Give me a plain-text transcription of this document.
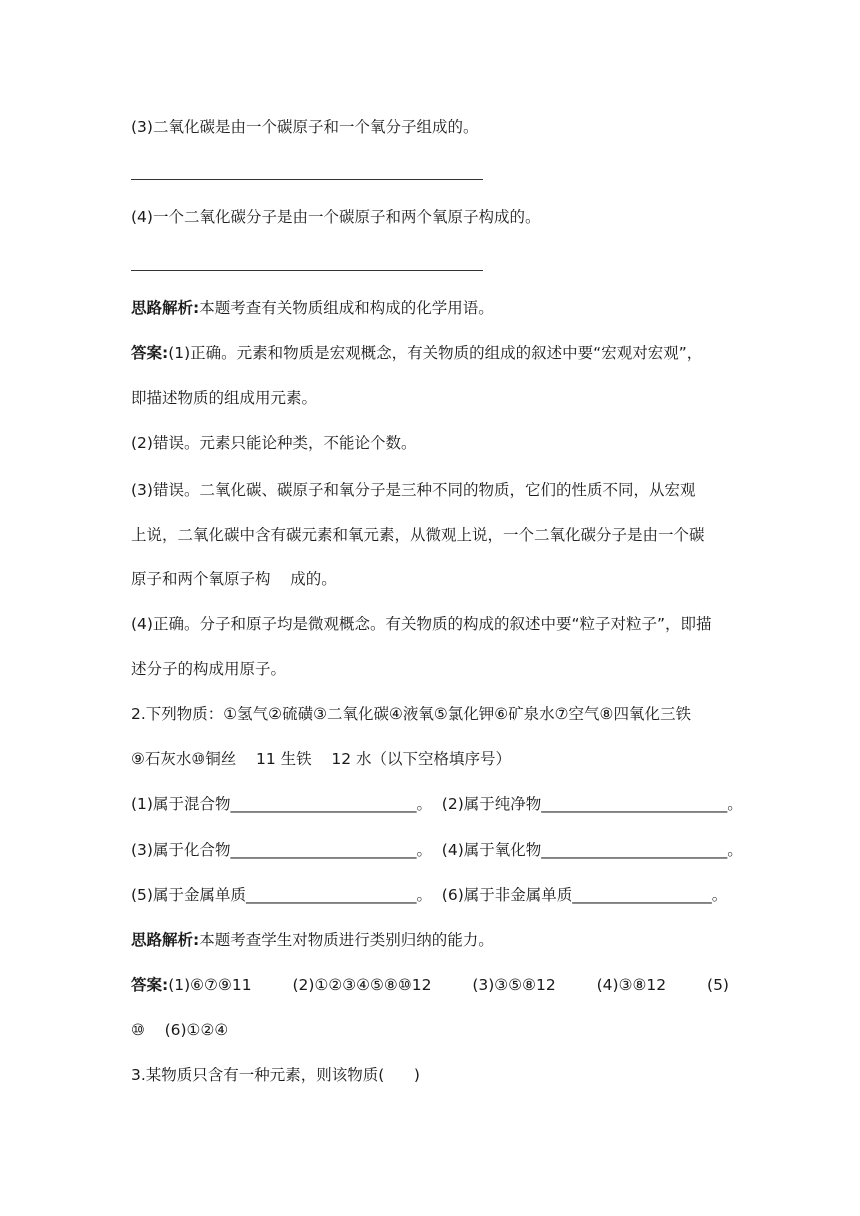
(3)二氧化碳是由一个碳原子和一个氧分子组成的。
(4)一个二氧化碳分子是由一个碳原子和两个氧原子构成的。
思路解析:本题考查有关物质组成和构成的化学用语。
答案:(1)正确。元素和物质是宏观概念，有关物质的组成的叙述中要“宏观对宏观”，
即描述物质的组成用元素。
(2)错误。元素只能论种类，不能论个数。
(3)错误。二氧化碳、碳原子和氧分子是三种不同的物质，它们的性质不同，从宏观
上说，二氧化碳中含有碳元素和氧元素，从微观上说，一个二氧化碳分子是由一个碳
原子和两个氧原子构    成的。
(4)正确。分子和原子均是微观概念。有关物质的构成的叙述中要“粒子对粒子”，即描
述分子的构成用原子。
2.下列物质：①氢气②硫磺③二氧化碳④液氧⑤氯化钾⑥矿泉水⑦空气⑧四氧化三铁
⑨石灰水⑩铜丝    11 生铁    12 水（以下空格填序号）
(1)属于混合物________________________。  (2)属于纯净物________________________。
(3)属于化合物________________________。  (4)属于氧化物________________________。
(5)属于金属单质______________________。  (6)属于非金属单质__________________。
思路解析:本题考查学生对物质进行类别归纳的能力。
答案:(1)⑥⑦⑨11	(2)①②③④⑤⑧⑩12	(3)③⑤⑧12	(4)③⑧12	(5)
⑩    (6)①②④
3.某物质只含有一种元素，则该物质(      )
